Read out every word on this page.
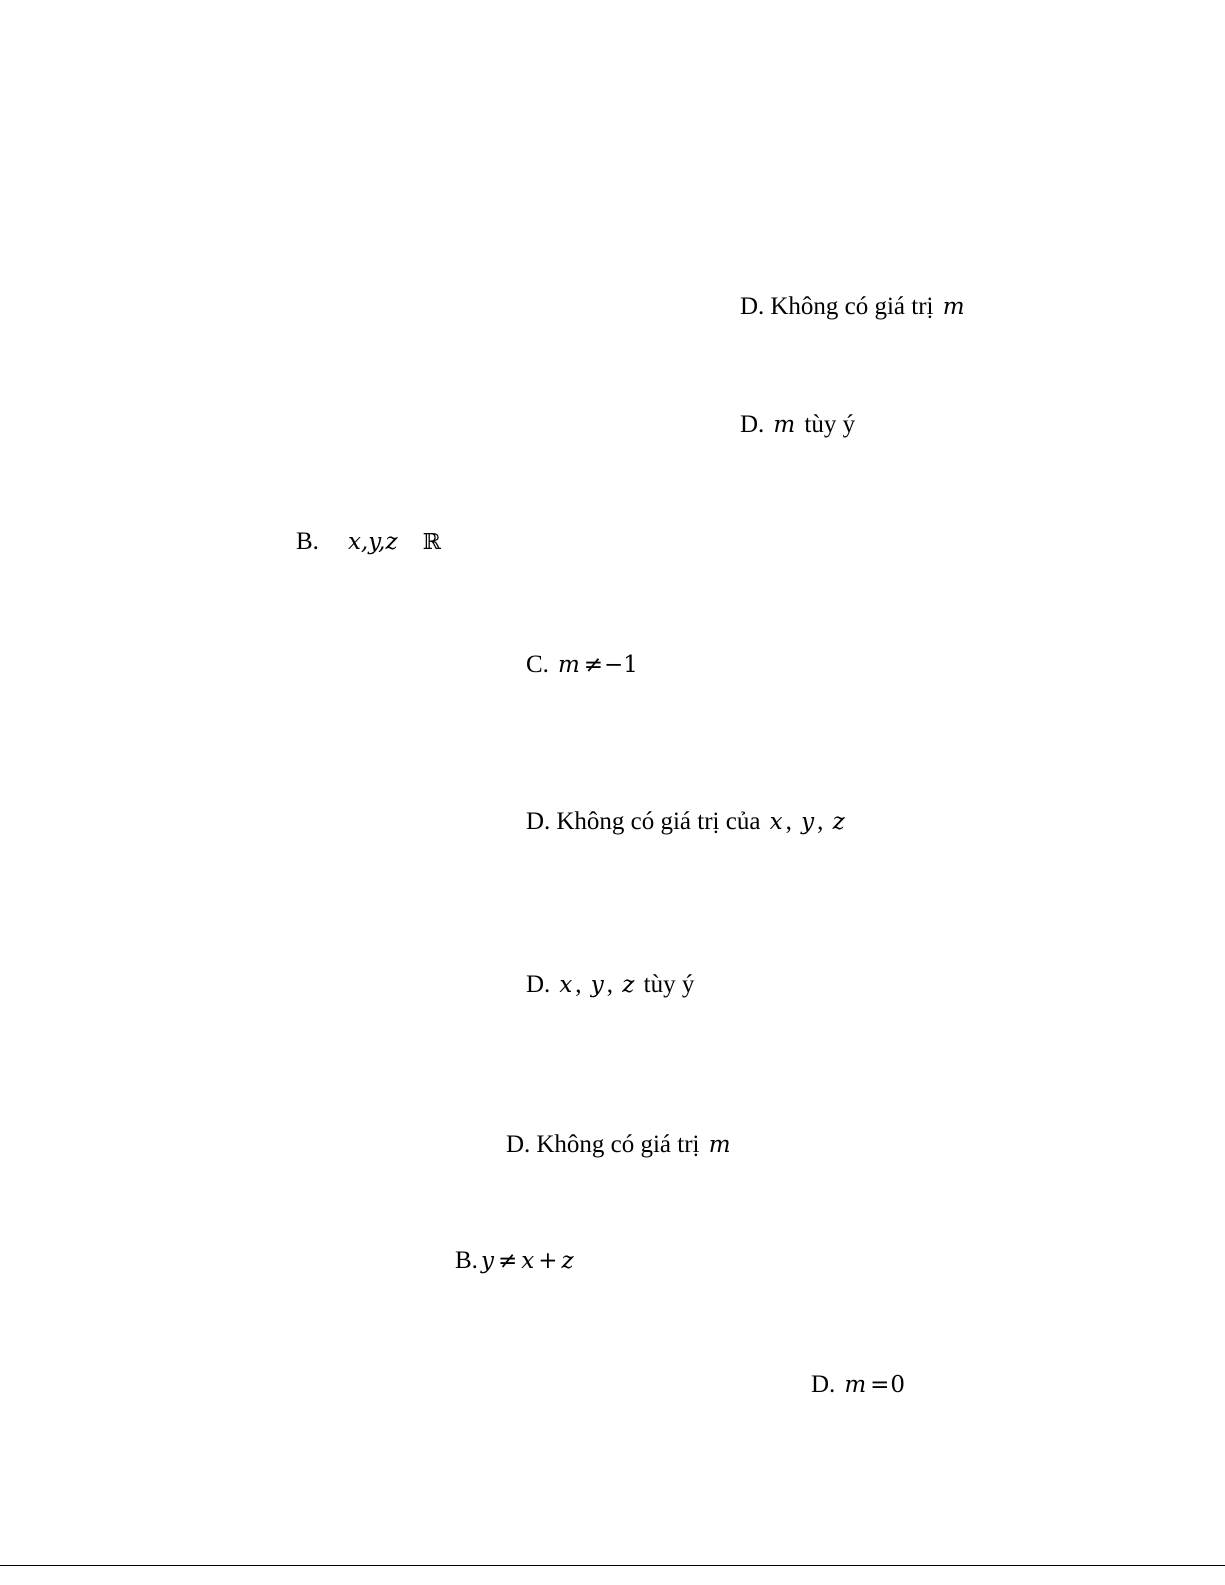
D. Không có giá trị m
D. m tùy ý
B. x,y,z ℝ
C. m ≠−1
D. Không có giá trị của x , y , z
D. x , y , z tùy ý
D. Không có giá trị m
B. y ≠ x + z
D. m =0
